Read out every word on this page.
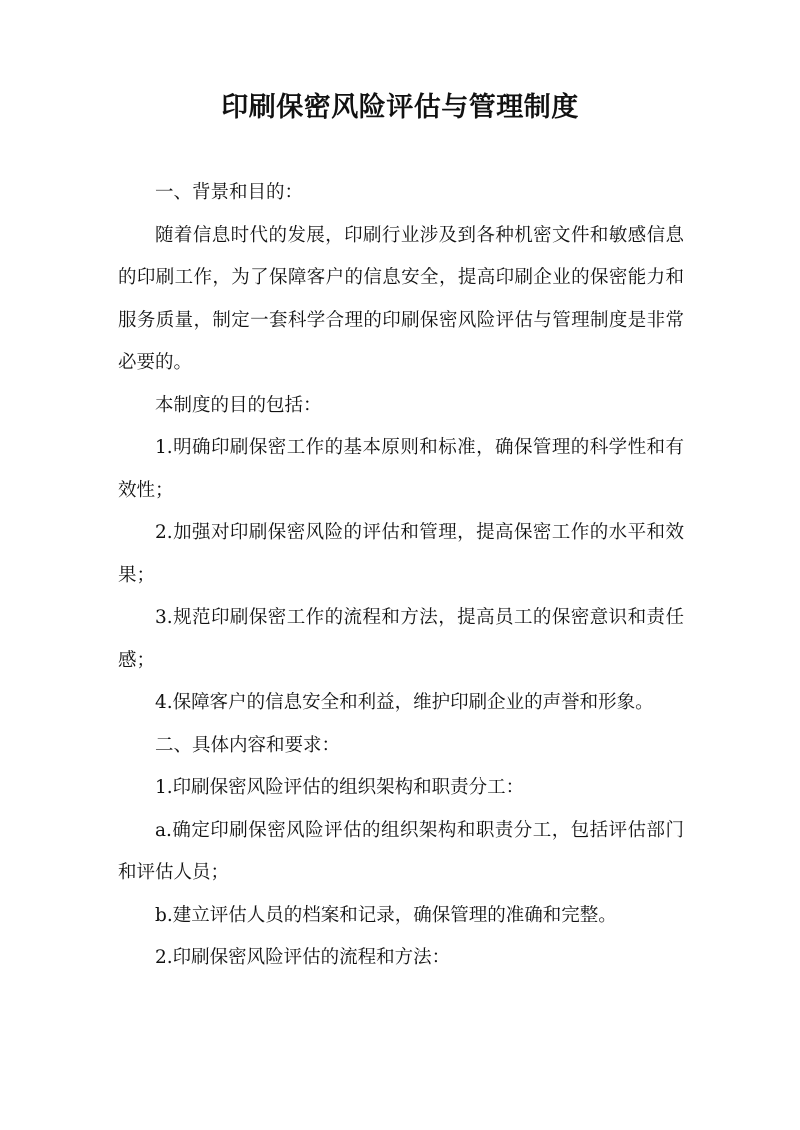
印刷保密风险评估与管理制度

一、背景和目的：

随着信息时代的发展，印刷行业涉及到各种机密文件和敏感信息的印刷工作，为了保障客户的信息安全，提高印刷企业的保密能力和服务质量，制定一套科学合理的印刷保密风险评估与管理制度是非常必要的。

本制度的目的包括：

1.明确印刷保密工作的基本原则和标准，确保管理的科学性和有效性；

2.加强对印刷保密风险的评估和管理，提高保密工作的水平和效果；

3.规范印刷保密工作的流程和方法，提高员工的保密意识和责任感；

4.保障客户的信息安全和利益，维护印刷企业的声誉和形象。

二、具体内容和要求：

1.印刷保密风险评估的组织架构和职责分工：

a.确定印刷保密风险评估的组织架构和职责分工，包括评估部门和评估人员；

b.建立评估人员的档案和记录，确保管理的准确和完整。

2.印刷保密风险评估的流程和方法：
